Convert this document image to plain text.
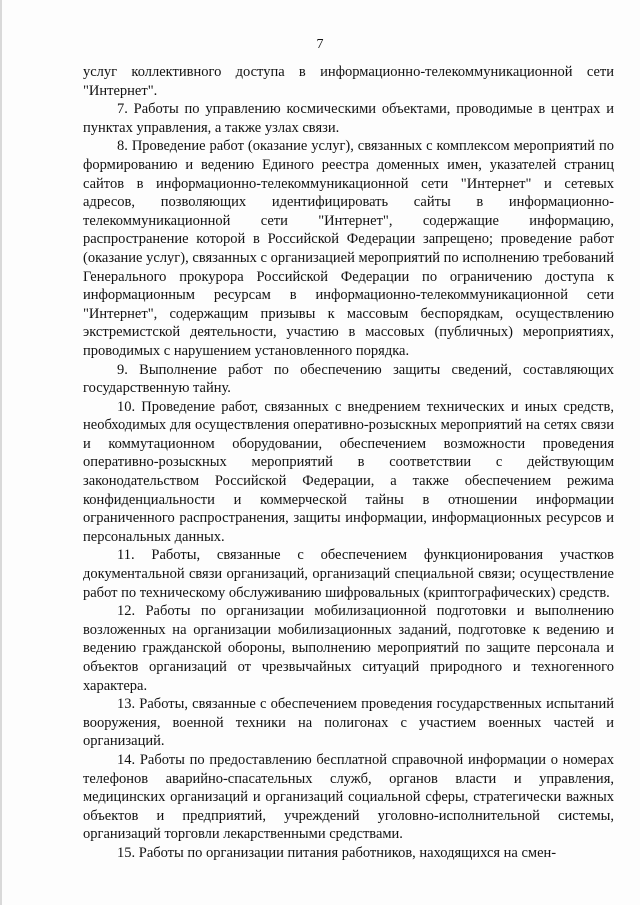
7

услуг коллективного доступа в информационно-телекоммуникационной сети "Интернет".

7. Работы по управлению космическими объектами, проводимые в центрах и пунктах управления, а также узлах связи.

8. Проведение работ (оказание услуг), связанных с комплексом мероприятий по формированию и ведению Единого реестра доменных имен, указателей страниц сайтов в информационно-телекоммуникационной сети "Интернет" и сетевых адресов, позволяющих идентифицировать сайты в информационно-телекоммуникационной сети "Интернет", содержащие информацию, распространение которой в Российской Федерации запрещено; проведение работ (оказание услуг), связанных с организацией мероприятий по исполнению требований Генерального прокурора Российской Федерации по ограничению доступа к информационным ресурсам в информационно-телекоммуникационной сети "Интернет", содержащим призывы к массовым беспорядкам, осуществлению экстремистской деятельности, участию в массовых (публичных) мероприятиях, проводимых с нарушением установленного порядка.

9. Выполнение работ по обеспечению защиты сведений, составляющих государственную тайну.

10. Проведение работ, связанных с внедрением технических и иных средств, необходимых для осуществления оперативно-розыскных мероприятий на сетях связи и коммутационном оборудовании, обеспечением возможности проведения оперативно-розыскных мероприятий в соответствии с действующим законодательством Российской Федерации, а также обеспечением режима конфиденциальности и коммерческой тайны в отношении информации ограниченного распространения, защиты информации, информационных ресурсов и персональных данных.

11. Работы, связанные с обеспечением функционирования участков документальной связи организаций, организаций специальной связи; осуществление работ по техническому обслуживанию шифровальных (криптографических) средств.

12. Работы по организации мобилизационной подготовки и выполнению возложенных на организации мобилизационных заданий, подготовке к ведению и ведению гражданской обороны, выполнению мероприятий по защите персонала и объектов организаций от чрезвычайных ситуаций природного и техногенного характера.

13. Работы, связанные с обеспечением проведения государственных испытаний вооружения, военной техники на полигонах с участием военных частей и организаций.

14. Работы по предоставлению бесплатной справочной информации о номерах телефонов аварийно-спасательных служб, органов власти и управления, медицинских организаций и организаций социальной сферы, стратегически важных объектов и предприятий, учреждений уголовно-исполнительной системы, организаций торговли лекарственными средствами.

15. Работы по организации питания работников, находящихся на смен-
